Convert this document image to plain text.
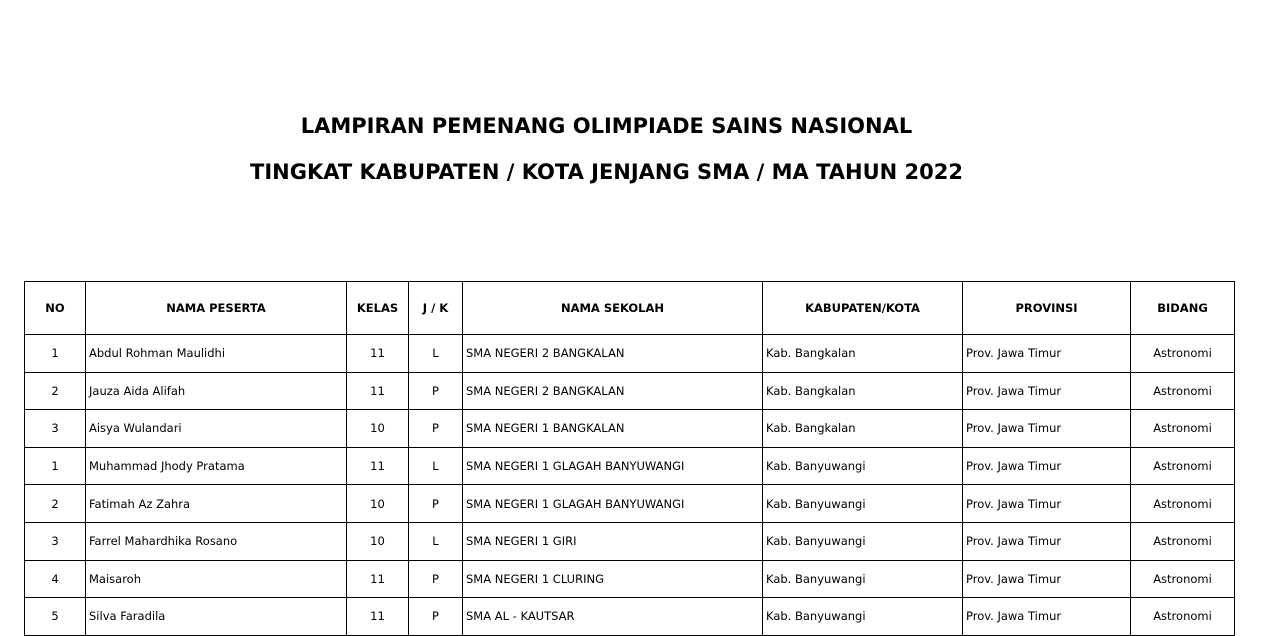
LAMPIRAN PEMENANG OLIMPIADE SAINS NASIONAL
TINGKAT KABUPATEN / KOTA JENJANG SMA / MA TAHUN 2022
NO	NAMA PESERTA	KELAS	J / K	NAMA SEKOLAH	KABUPATEN/KOTA	PROVINSI	BIDANG
1	Abdul Rohman Maulidhi	11	L	SMA NEGERI 2 BANGKALAN	Kab. Bangkalan	Prov. Jawa Timur	Astronomi
2	Jauza Aida Alifah	11	P	SMA NEGERI 2 BANGKALAN	Kab. Bangkalan	Prov. Jawa Timur	Astronomi
3	Aisya Wulandari	10	P	SMA NEGERI 1 BANGKALAN	Kab. Bangkalan	Prov. Jawa Timur	Astronomi
1	Muhammad Jhody Pratama	11	L	SMA NEGERI 1 GLAGAH BANYUWANGI	Kab. Banyuwangi	Prov. Jawa Timur	Astronomi
2	Fatimah Az Zahra	10	P	SMA NEGERI 1 GLAGAH BANYUWANGI	Kab. Banyuwangi	Prov. Jawa Timur	Astronomi
3	Farrel Mahardhika Rosano	10	L	SMA NEGERI 1 GIRI	Kab. Banyuwangi	Prov. Jawa Timur	Astronomi
4	Maisaroh	11	P	SMA NEGERI 1 CLURING	Kab. Banyuwangi	Prov. Jawa Timur	Astronomi
5	Silva Faradila	11	P	SMA AL - KAUTSAR	Kab. Banyuwangi	Prov. Jawa Timur	Astronomi
